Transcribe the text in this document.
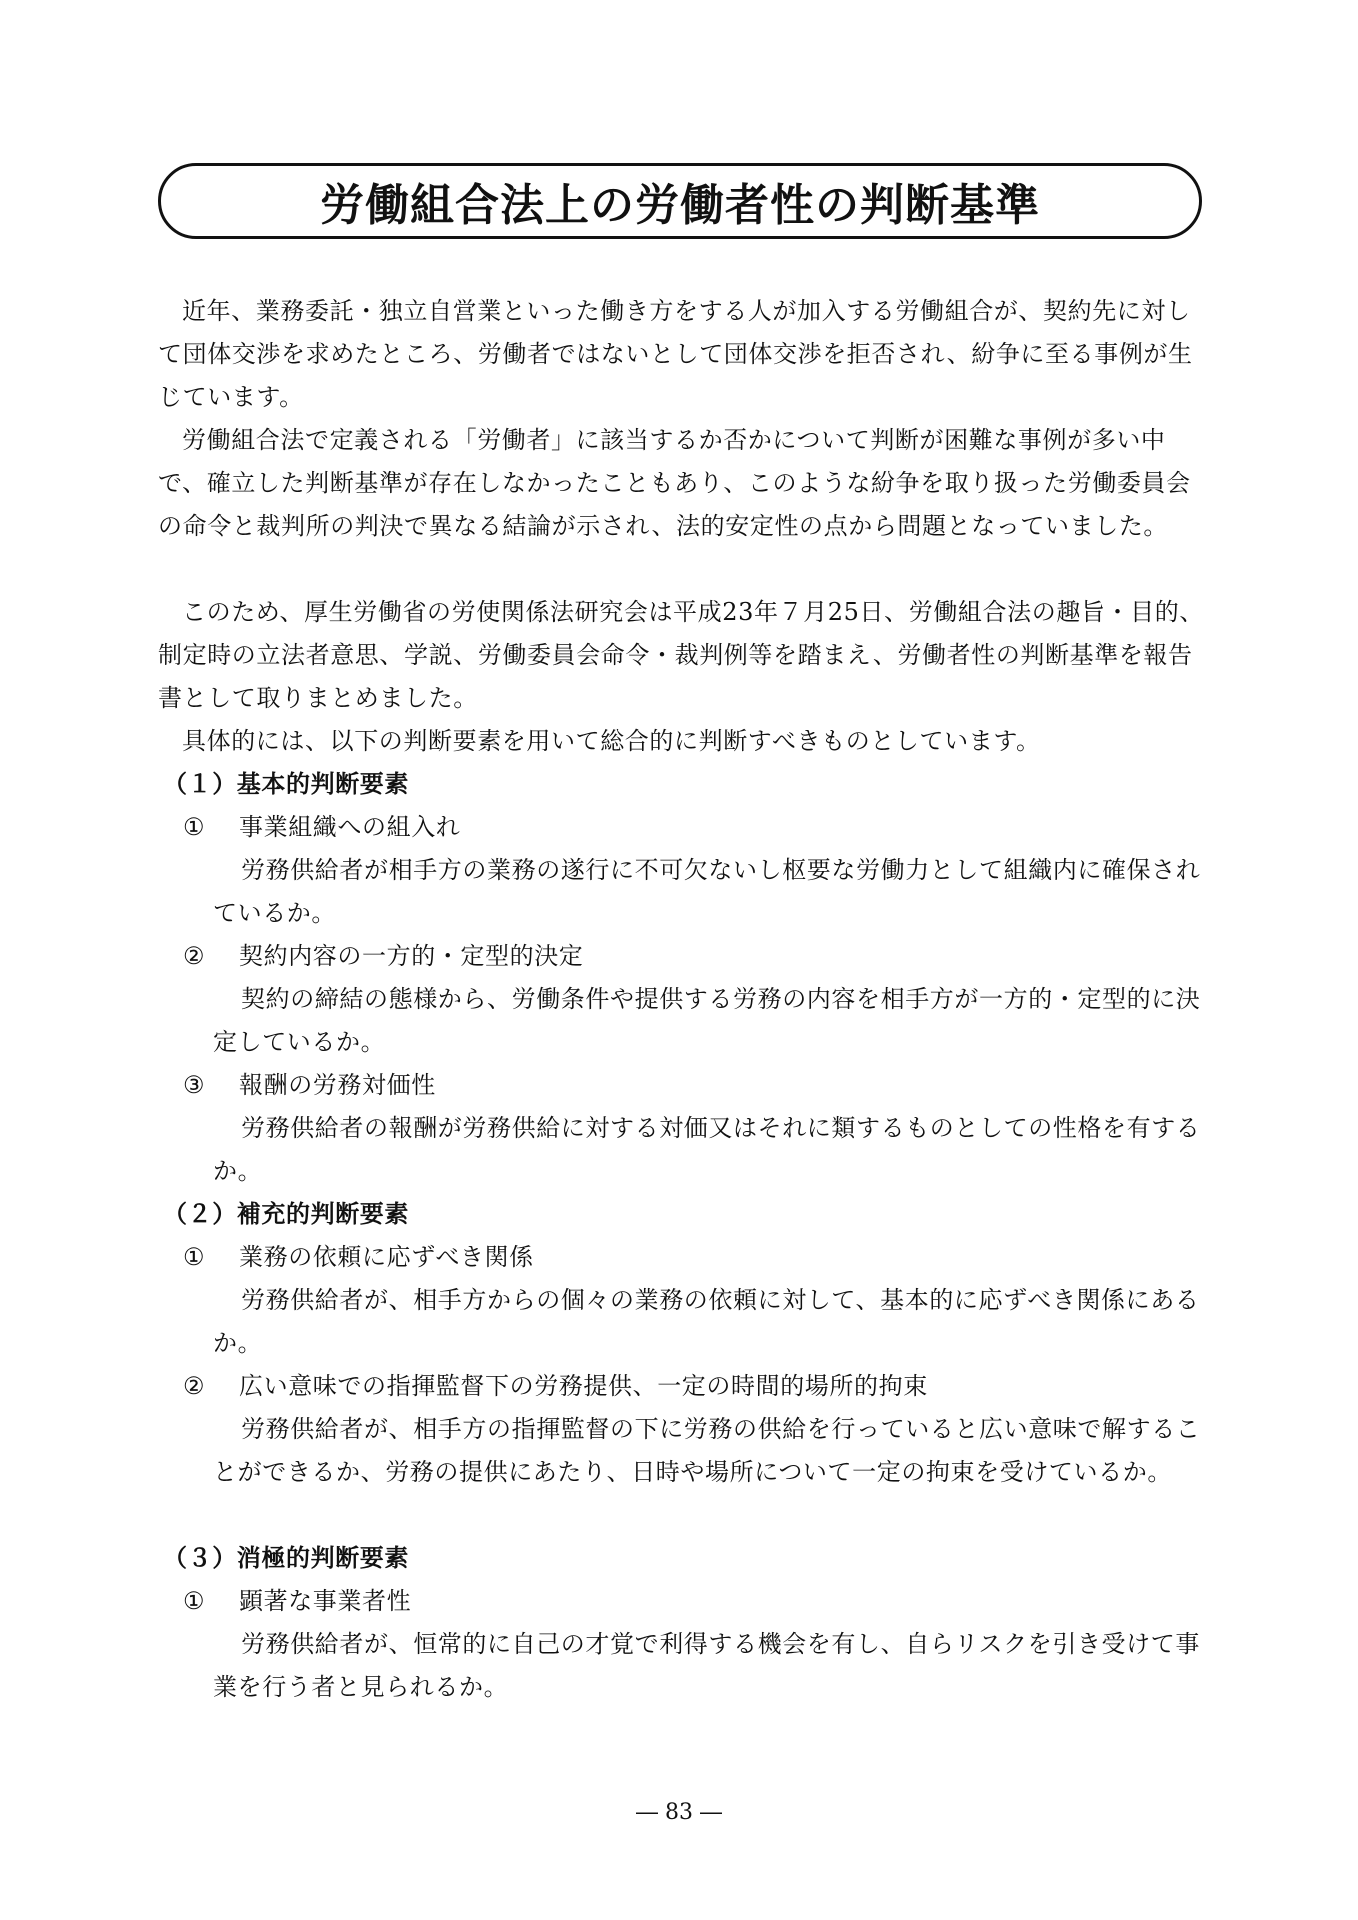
労働組合法上の労働者性の判断基準

近年、業務委託・独立自営業といった働き方をする人が加入する労働組合が、契約先に対して団体交渉を求めたところ、労働者ではないとして団体交渉を拒否され、紛争に至る事例が生じています。

労働組合法で定義される「労働者」に該当するか否かについて判断が困難な事例が多い中で、確立した判断基準が存在しなかったこともあり、このような紛争を取り扱った労働委員会の命令と裁判所の判決で異なる結論が示され、法的安定性の点から問題となっていました。

このため、厚生労働省の労使関係法研究会は平成23年７月25日、労働組合法の趣旨・目的、制定時の立法者意思、学説、労働委員会命令・裁判例等を踏まえ、労働者性の判断基準を報告書として取りまとめました。

具体的には、以下の判断要素を用いて総合的に判断すべきものとしています。

（１）基本的判断要素
① 事業組織への組入れ

労務供給者が相手方の業務の遂行に不可欠ないし枢要な労働力として組織内に確保されているか。

② 契約内容の一方的・定型的決定

契約の締結の態様から、労働条件や提供する労務の内容を相手方が一方的・定型的に決定しているか。

③ 報酬の労務対価性

労務供給者の報酬が労務供給に対する対価又はそれに類するものとしての性格を有するか。

（２）補充的判断要素
① 業務の依頼に応ずべき関係

労務供給者が、相手方からの個々の業務の依頼に対して、基本的に応ずべき関係にあるか。

② 広い意味での指揮監督下の労務提供、一定の時間的場所的拘束

労務供給者が、相手方の指揮監督の下に労務の供給を行っていると広い意味で解することができるか、労務の提供にあたり、日時や場所について一定の拘束を受けているか。

（３）消極的判断要素
① 顕著な事業者性

労務供給者が、恒常的に自己の才覚で利得する機会を有し、自らリスクを引き受けて事業を行う者と見られるか。

― 83 ―
